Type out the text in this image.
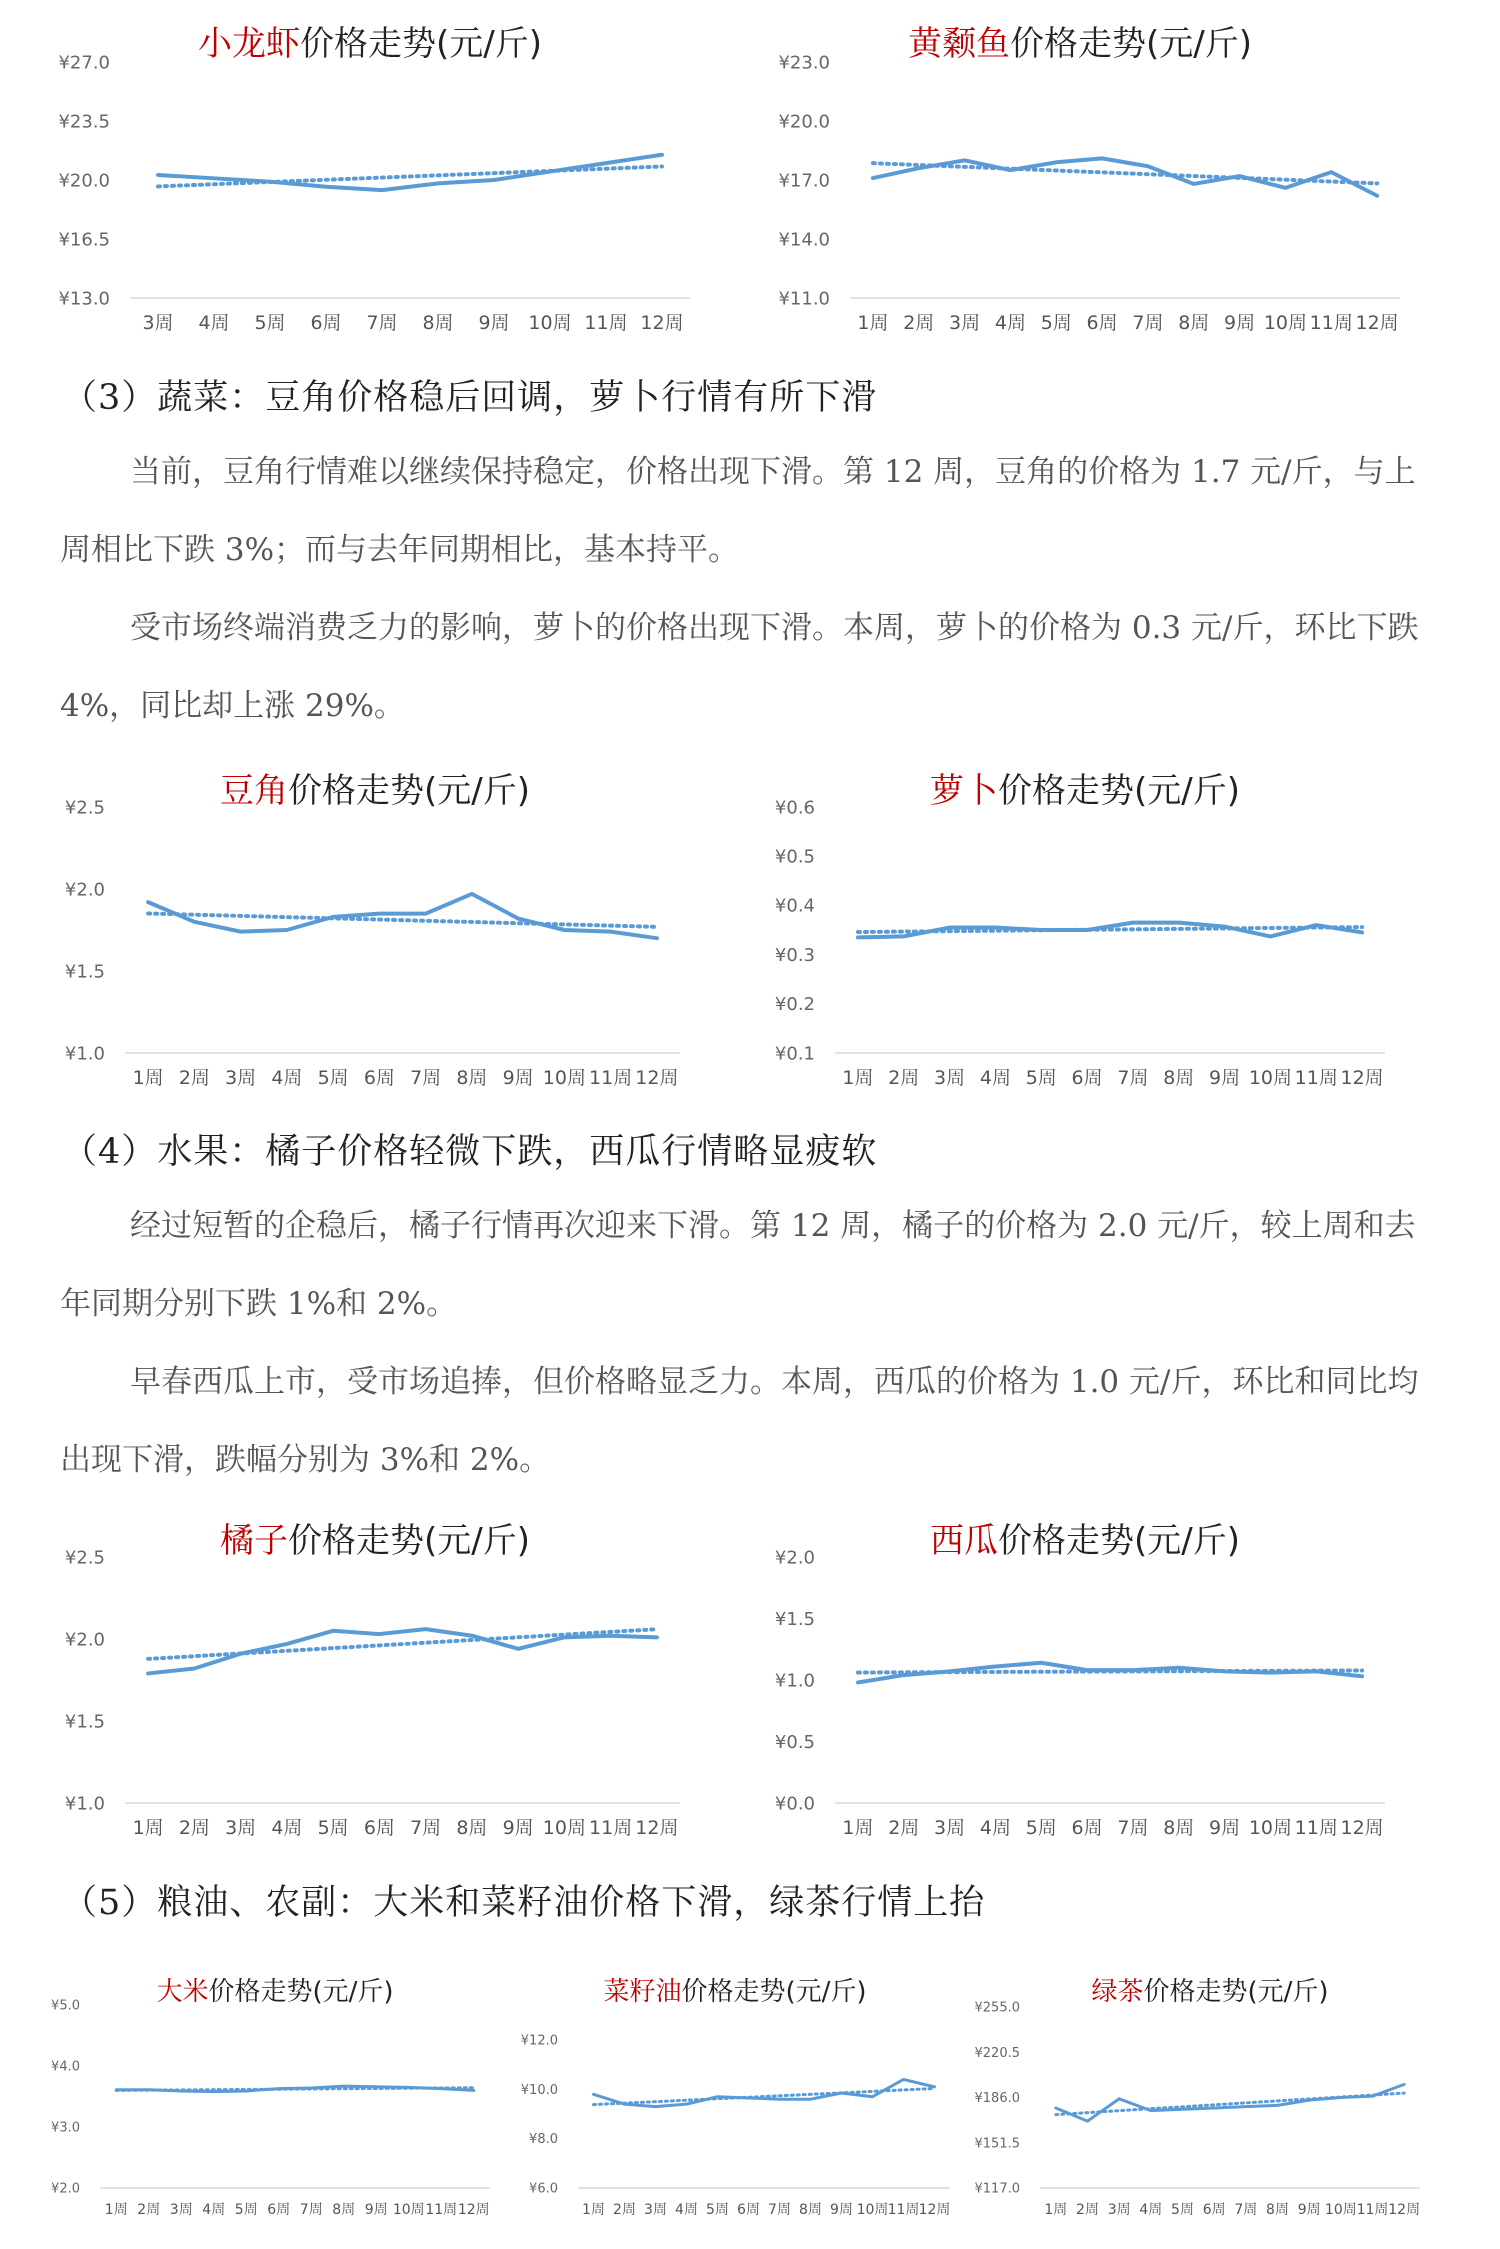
小龙虾价格走势(元/斤)
¥27.0
¥23.5
¥20.0
¥16.5
¥13.0
3周 4周 5周 6周 7周 8周 9周 10周 11周 12周
黄颡鱼价格走势(元/斤)
¥23.0
¥20.0
¥17.0
¥14.0
¥11.0
1周 2周 3周 4周 5周 6周 7周 8周 9周 10周 11周 12周
（3）蔬菜：豆角价格稳后回调，萝卜行情有所下滑

当前，豆角行情难以继续保持稳定，价格出现下滑。第 12 周，豆角的价格为 1.7 元/斤，与上周相比下跌 3%；而与去年同期相比，基本持平。

受市场终端消费乏力的影响，萝卜的价格出现下滑。本周，萝卜的价格为 0.3 元/斤，环比下跌 4%，同比却上涨 29%。

豆角价格走势(元/斤)
¥2.5
¥2.0
¥1.5
¥1.0
1周 2周 3周 4周 5周 6周 7周 8周 9周 10周 11周 12周
萝卜价格走势(元/斤)
¥0.6
¥0.5
¥0.4
¥0.3
¥0.2
¥0.1
1周 2周 3周 4周 5周 6周 7周 8周 9周 10周 11周 12周
（4）水果：橘子价格轻微下跌，西瓜行情略显疲软

经过短暂的企稳后，橘子行情再次迎来下滑。第 12 周，橘子的价格为 2.0 元/斤，较上周和去年同期分别下跌 1%和 2%。

早春西瓜上市，受市场追捧，但价格略显乏力。本周，西瓜的价格为 1.0 元/斤，环比和同比均出现下滑，跌幅分别为 3%和 2%。

橘子价格走势(元/斤)
¥2.5
¥2.0
¥1.5
¥1.0
1周 2周 3周 4周 5周 6周 7周 8周 9周 10周 11周 12周
西瓜价格走势(元/斤)
¥2.0
¥1.5
¥1.0
¥0.5
¥0.0
1周 2周 3周 4周 5周 6周 7周 8周 9周 10周 11周 12周
（5）粮油、农副：大米和菜籽油价格下滑，绿茶行情上抬
大米价格走势(元/斤)
¥5.0
¥4.0
¥3.0
¥2.0
1周 2周 3周 4周 5周 6周 7周 8周 9周 10周 11周 12周
菜籽油价格走势(元/斤)
¥12.0
¥10.0
¥8.0
¥6.0
1周 2周 3周 4周 5周 6周 7周 8周 9周 10周 11周 12周
绿茶价格走势(元/斤)
¥255.0
¥220.5
¥186.0
¥151.5
¥117.0
1周 2周 3周 4周 5周 6周 7周 8周 9周 10周 11周 12周
